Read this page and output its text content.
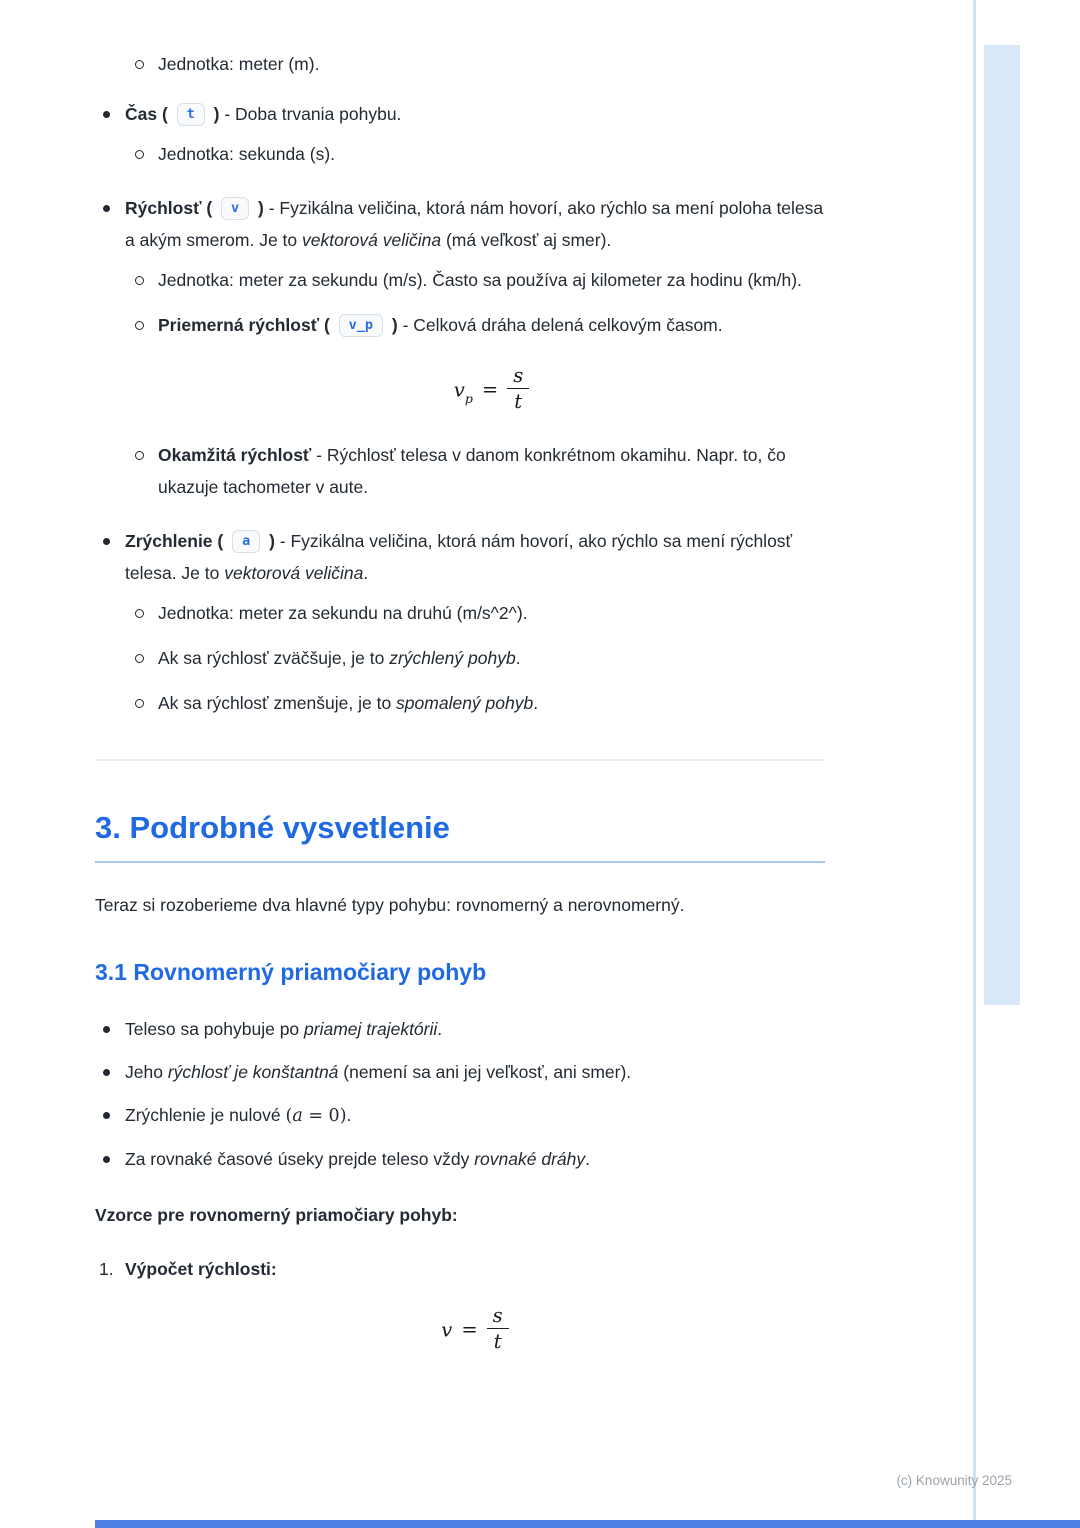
Jednotka: meter (m).
Čas ( t ) - Doba trvania pohybu.
Jednotka: sekunda (s).
Rýchlosť ( v ) - Fyzikálna veličina, ktorá nám hovorí, ako rýchlo sa mení poloha telesa a akým smerom. Je to vektorová veličina (má veľkosť aj smer).
Jednotka: meter za sekundu (m/s). Často sa používa aj kilometer za hodinu (km/h).
Priemerná rýchlosť ( v_p ) - Celková dráha delená celkovým časom.
$v_p = \frac{s}{t}$
Okamžitá rýchlosť - Rýchlosť telesa v danom konkrétnom okamihu. Napr. to, čo ukazuje tachometer v aute.
Zrýchlenie ( a ) - Fyzikálna veličina, ktorá nám hovorí, ako rýchlo sa mení rýchlosť telesa. Je to vektorová veličina.
Jednotka: meter za sekundu na druhú (m/s^2^).
Ak sa rýchlosť zväčšuje, je to zrýchlený pohyb.
Ak sa rýchlosť zmenšuje, je to spomalený pohyb.
3. Podrobné vysvetlenie

Teraz si rozoberieme dva hlavné typy pohybu: rovnomerný a nerovnomerný.

3.1 Rovnomerný priamočiary pohyb
Teleso sa pohybuje po priamej trajektórii.
Jeho rýchlosť je konštantná (nemení sa ani jej veľkosť, ani smer).
Zrýchlenie je nulové (a = 0).
Za rovnaké časové úseky prejde teleso vždy rovnaké dráhy.

Vzorce pre rovnomerný priamočiary pohyb:

1. Výpočet rýchlosti:
$v = \frac{s}{t}$
(c) Knowunity 2025
